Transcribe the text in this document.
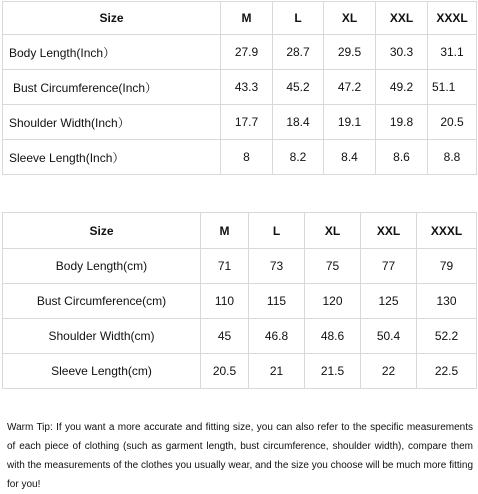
Size	M	L	XL	XXL	XXXL
Body Length(Inch）	27.9	28.7	29.5	30.3	31.1
Bust Circumference(Inch）	43.3	45.2	47.2	49.2	51.1
Shoulder Width(Inch）	17.7	18.4	19.1	19.8	20.5
Sleeve Length(Inch）	8	8.2	8.4	8.6	8.8
Size	M	L	XL	XXL	XXXL
Body Length(cm)	71	73	75	77	79
Bust Circumference(cm)	110	115	120	125	130
Shoulder Width(cm)	45	46.8	48.6	50.4	52.2
Sleeve Length(cm)	20.5	21	21.5	22	22.5

Warm Tip: If you want a more accurate and fitting size, you can also refer to the specific measurements of each piece of clothing (such as garment length, bust circumference, shoulder width), compare them with the measurements of the clothes you usually wear, and the size you choose will be much more fitting for you!
